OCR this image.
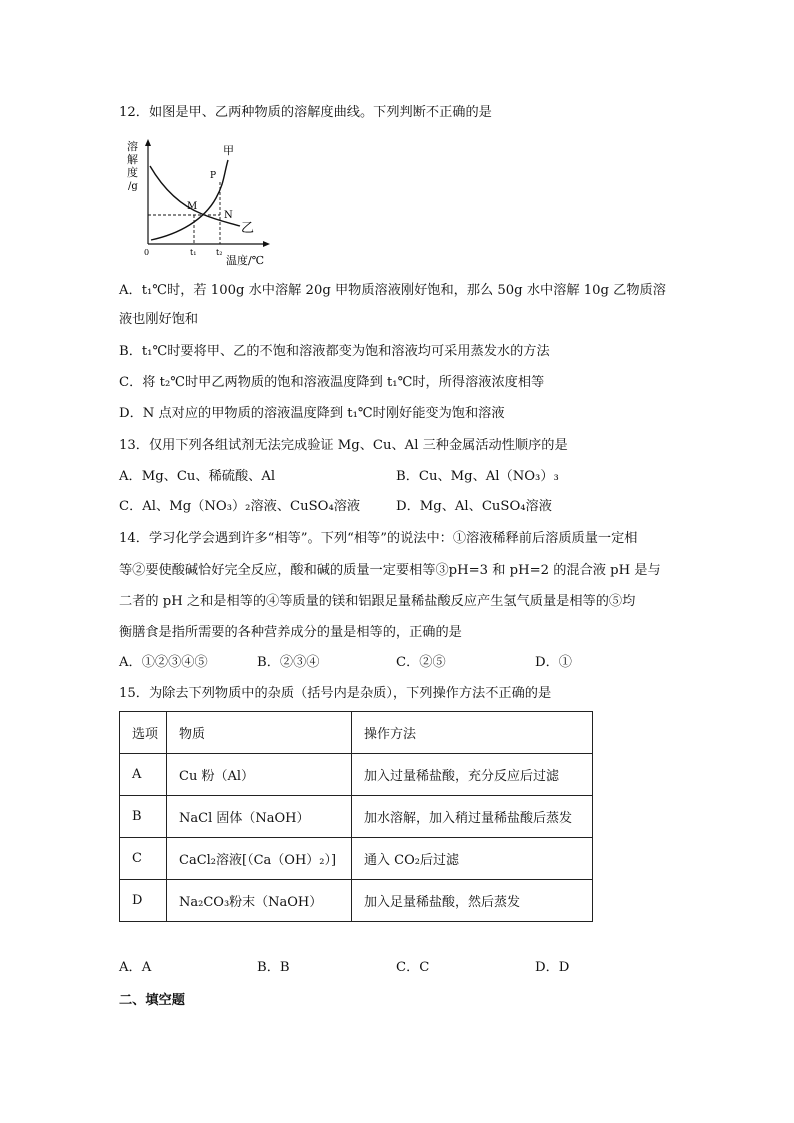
12．如图是甲、乙两种物质的溶解度曲线。下列判断不正确的是
溶
解
度
/g
甲
乙
P
M
N
0	t₁ t₂
温度/℃
A．t₁℃时，若 100g 水中溶解 20g 甲物质溶液刚好饱和，那么 50g 水中溶解 10g 乙物质溶
液也刚好饱和
B．t₁℃时要将甲、乙的不饱和溶液都变为饱和溶液均可采用蒸发水的方法
C．将 t₂℃时甲乙两物质的饱和溶液温度降到 t₁℃时，所得溶液浓度相等
D．N 点对应的甲物质的溶液温度降到 t₁℃时刚好能变为饱和溶液
13．仅用下列各组试剂无法完成验证 Mg、Cu、Al 三种金属活动性顺序的是
A．Mg、Cu、稀硫酸、Al	B．Cu、Mg、Al（NO₃）₃
C．Al、Mg（NO₃）₂溶液、CuSO₄溶液	D．Mg、Al、CuSO₄溶液
14．学习化学会遇到许多“相等”。下列“相等”的说法中：①溶液稀释前后溶质质量一定相
等②要使酸碱恰好完全反应，酸和碱的质量一定要相等③pH=3 和 pH=2 的混合液 pH 是与
二者的 pH 之和是相等的④等质量的镁和铝跟足量稀盐酸反应产生氢气质量是相等的⑤均
衡膳食是指所需要的各种营养成分的量是相等的，正确的是
A．①②③④⑤	B．②③④	C．②⑤	D．①
15．为除去下列物质中的杂质（括号内是杂质），下列操作方法不正确的是
选项	物质	操作方法
A	Cu 粉（Al）	加入过量稀盐酸，充分反应后过滤
B	NaCl 固体（NaOH）	加水溶解，加入稍过量稀盐酸后蒸发
C	CaCl₂溶液[（Ca（OH）₂）]	通入 CO₂后过滤
D	Na₂CO₃粉末（NaOH）	加入足量稀盐酸，然后蒸发
A．A	B．B	C．C	D．D
二、填空题
